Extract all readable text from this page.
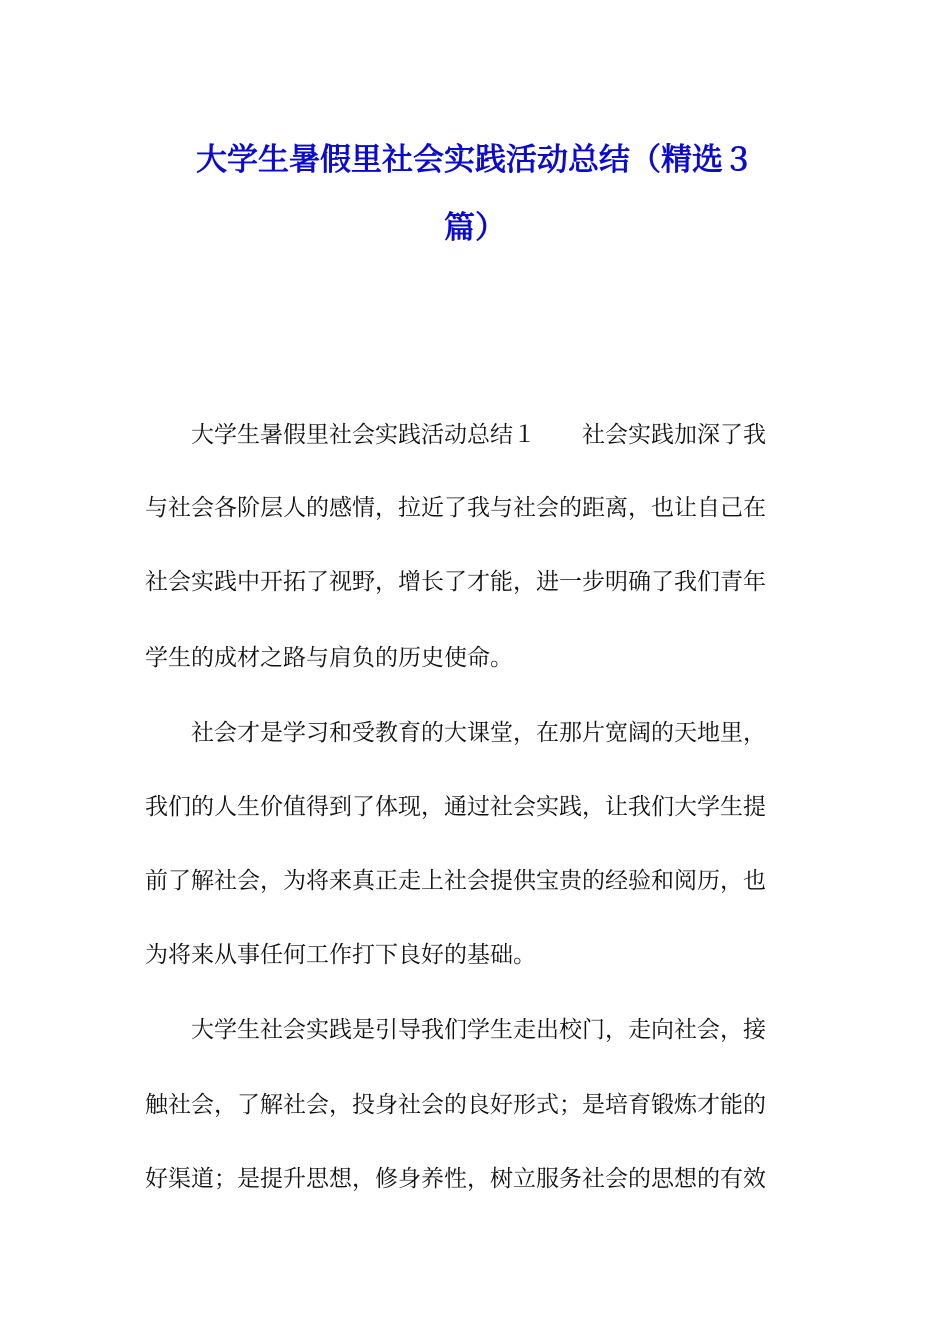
大学生暑假里社会实践活动总结（精选３
篇）
　　大学生暑假里社会实践活动总结１　　社会实践加深了我
与社会各阶层人的感情，拉近了我与社会的距离，也让自己在
社会实践中开拓了视野，增长了才能，进一步明确了我们青年
学生的成材之路与肩负的历史使命。
　　社会才是学习和受教育的大课堂，在那片宽阔的天地里，
我们的人生价值得到了体现，通过社会实践，让我们大学生提
前了解社会，为将来真正走上社会提供宝贵的经验和阅历，也
为将来从事任何工作打下良好的基础。
　　大学生社会实践是引导我们学生走出校门，走向社会，接
触社会，了解社会，投身社会的良好形式；是培育锻炼才能的
好渠道；是提升思想，修身养性，树立服务社会的思想的有效
